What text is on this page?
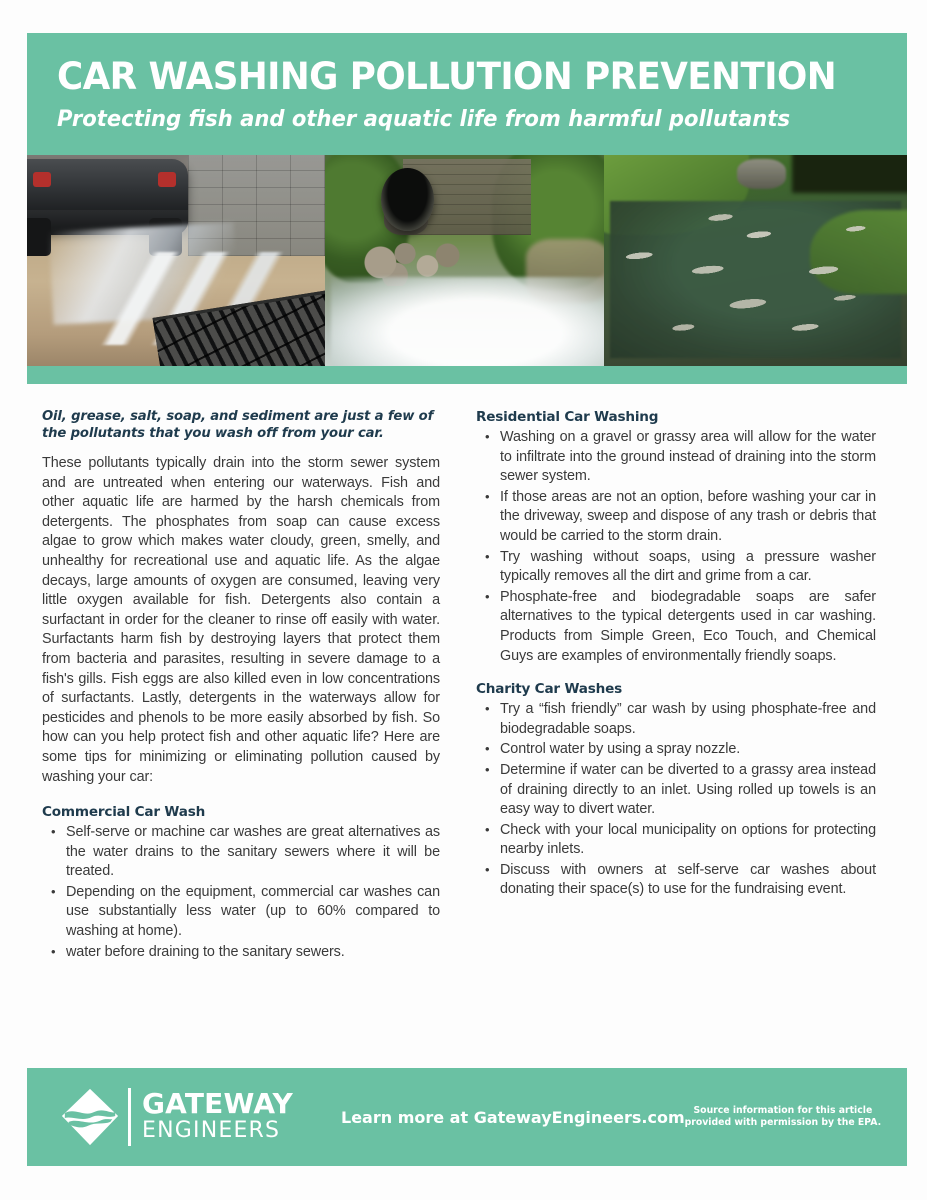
CAR WASHING POLLUTION PREVENTION

Protecting fish and other aquatic life from harmful pollutants

Oil, grease, salt, soap, and sediment are just a few of the pollutants that you wash off from your car.

These pollutants typically drain into the storm sewer system and are untreated when entering our waterways. Fish and other aquatic life are harmed by the harsh chemicals from detergents. The phosphates from soap can cause excess algae to grow which makes water cloudy, green, smelly, and unhealthy for recreational use and aquatic life. As the algae decays, large amounts of oxygen are consumed, leaving very little oxygen available for fish. Detergents also contain a surfactant in order for the cleaner to rinse off easily with water. Surfactants harm fish by destroying layers that protect them from bacteria and parasites, resulting in severe damage to a fish's gills. Fish eggs are also killed even in low concentrations of surfactants. Lastly, detergents in the waterways allow for pesticides and phenols to be more easily absorbed by fish. So how can you help protect fish and other aquatic life? Here are some tips for minimizing or eliminating pollution caused by washing your car:

Commercial Car Wash
• Self-serve or machine car washes are great alternatives as the water drains to the sanitary sewers where it will be treated.
• Depending on the equipment, commercial car washes can use substantially less water (up to 60% compared to washing at home).
• water before draining to the sanitary sewers.
Residential Car Washing
• Washing on a gravel or grassy area will allow for the water to infiltrate into the ground instead of draining into the storm sewer system.
• If those areas are not an option, before washing your car in the driveway, sweep and dispose of any trash or debris that would be carried to the storm drain.
• Try washing without soaps, using a pressure washer typically removes all the dirt and grime from a car.
• Phosphate-free and biodegradable soaps are safer alternatives to the typical detergents used in car washing. Products from Simple Green, Eco Touch, and Chemical Guys are examples of environmentally friendly soaps.
Charity Car Washes
• Try a “fish friendly” car wash by using phosphate-free and biodegradable soaps.
• Control water by using a spray nozzle.
• Determine if water can be diverted to a grassy area instead of draining directly to an inlet. Using rolled up towels is an easy way to divert water.
• Check with your local municipality on options for protecting nearby inlets.
• Discuss with owners at self-serve car washes about donating their space(s) to use for the fundraising event.
GATEWAY
ENGINEERS
Learn more at GatewayEngineers.com Source information for this article
provided with permission by the EPA.
